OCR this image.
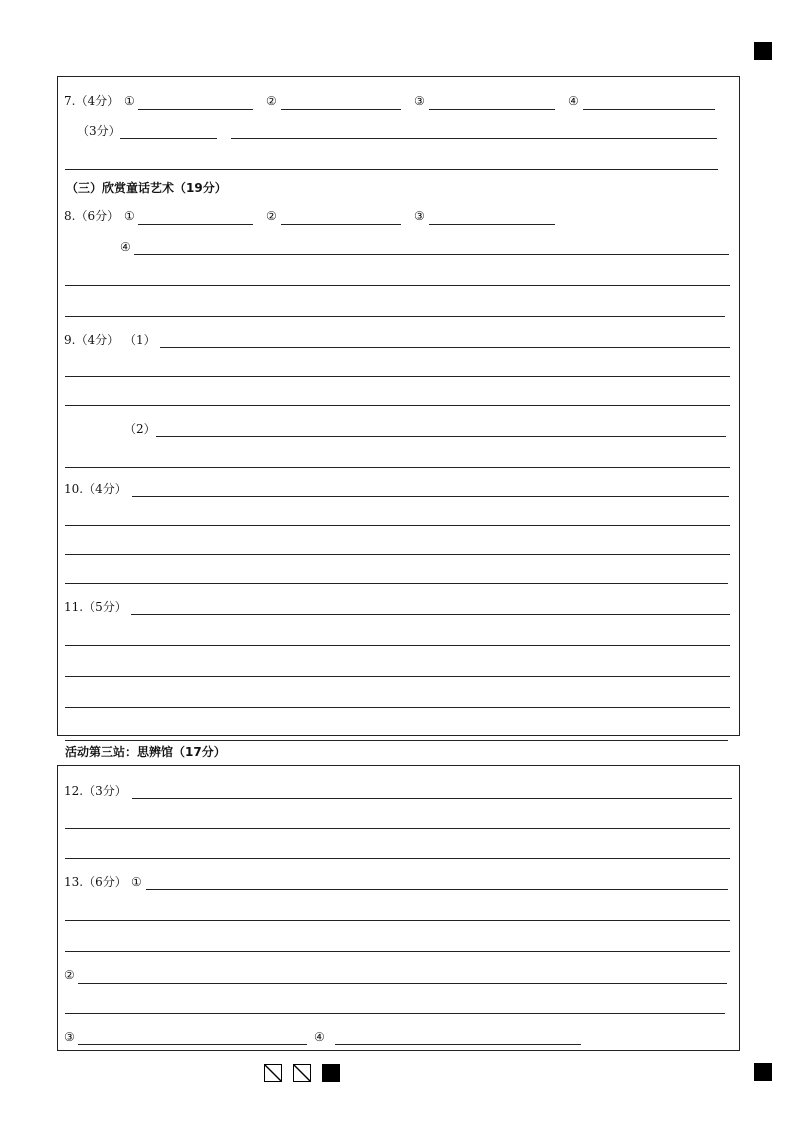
7.（4分） ①	②	③	④
（3分）
（三）欣赏童话艺术（19分）
8.（6分） ①	②	③
④
9.（4分） （1）
（2）
10.（4分）
11.（5分）
活动第三站：思辨馆（17分）
12.（3分）
13.（6分） ①
②
③	④
